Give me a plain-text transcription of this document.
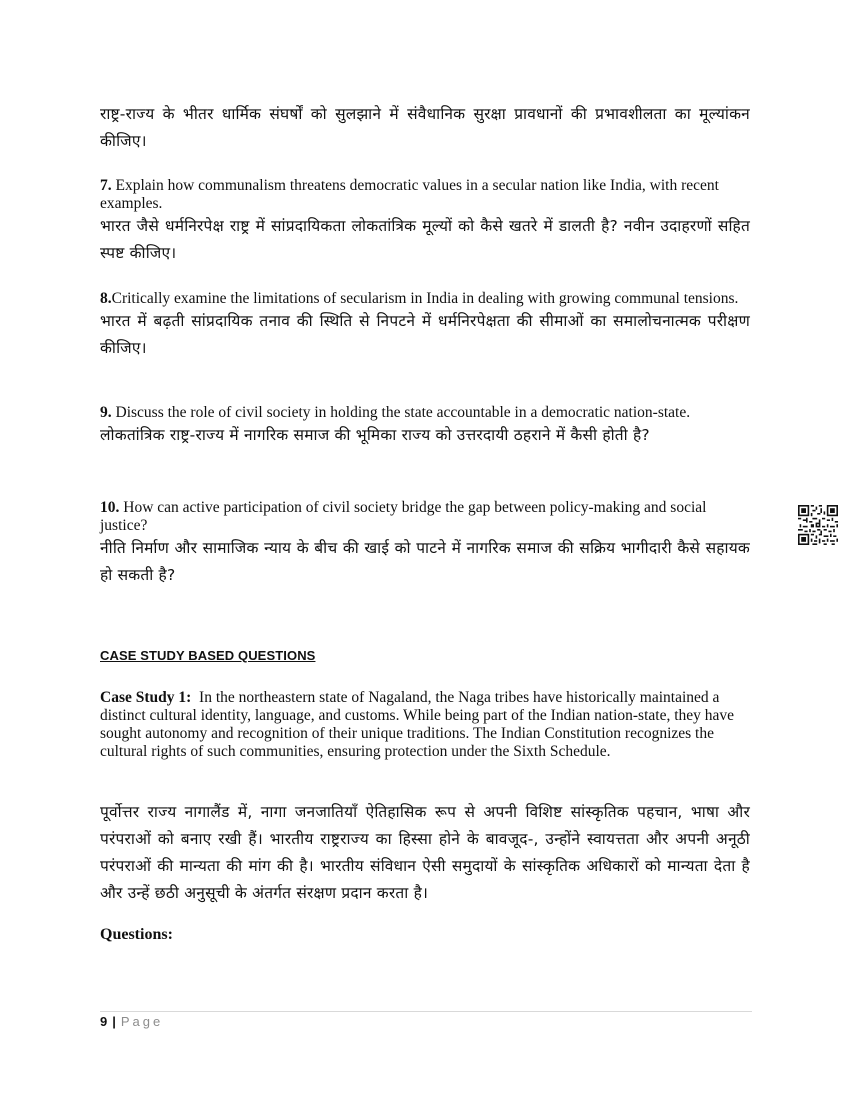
राष्ट्र-राज्य के भीतर धार्मिक संघर्षों को सुलझाने में संवैधानिक सुरक्षा प्रावधानों की प्रभावशीलता का मूल्यांकन कीजिए।

7. Explain how communalism threatens democratic values in a secular nation like India, with recent examples.

भारत जैसे धर्मनिरपेक्ष राष्ट्र में सांप्रदायिकता लोकतांत्रिक मूल्यों को कैसे खतरे में डालती है? नवीन उदाहरणों सहित स्पष्ट कीजिए।

8.Critically examine the limitations of secularism in India in dealing with growing communal tensions.

भारत में बढ़ती सांप्रदायिक तनाव की स्थिति से निपटने में धर्मनिरपेक्षता की सीमाओं का समालोचनात्मक परीक्षण कीजिए।

9. Discuss the role of civil society in holding the state accountable in a democratic nation-state.

लोकतांत्रिक राष्ट्र-राज्य में नागरिक समाज की भूमिका राज्य को उत्तरदायी ठहराने में कैसी होती है?

10. How can active participation of civil society bridge the gap between policy-making and social justice?

नीति निर्माण और सामाजिक न्याय के बीच की खाई को पाटने में नागरिक समाज की सक्रिय भागीदारी कैसे सहायक हो सकती है?

CASE STUDY BASED QUESTIONS

Case Study 1: In the northeastern state of Nagaland, the Naga tribes have historically maintained a distinct cultural identity, language, and customs. While being part of the Indian nation-state, they have sought autonomy and recognition of their unique traditions. The Indian Constitution recognizes the cultural rights of such communities, ensuring protection under the Sixth Schedule.

पूर्वोत्तर राज्य नागालैंड में, नागा जनजातियाँ ऐतिहासिक रूप से अपनी विशिष्ट सांस्कृतिक पहचान, भाषा और परंपराओं को बनाए रखी हैं। भारतीय राष्ट्रराज्य का हिस्सा होने के बावजूद-, उन्होंने स्वायत्तता और अपनी अनूठी परंपराओं की मान्यता की मांग की है। भारतीय संविधान ऐसी समुदायों के सांस्कृतिक अधिकारों को मान्यता देता है और उन्हें छठी अनुसूची के अंतर्गत संरक्षण प्रदान करता है।

Questions:
9 | Page
